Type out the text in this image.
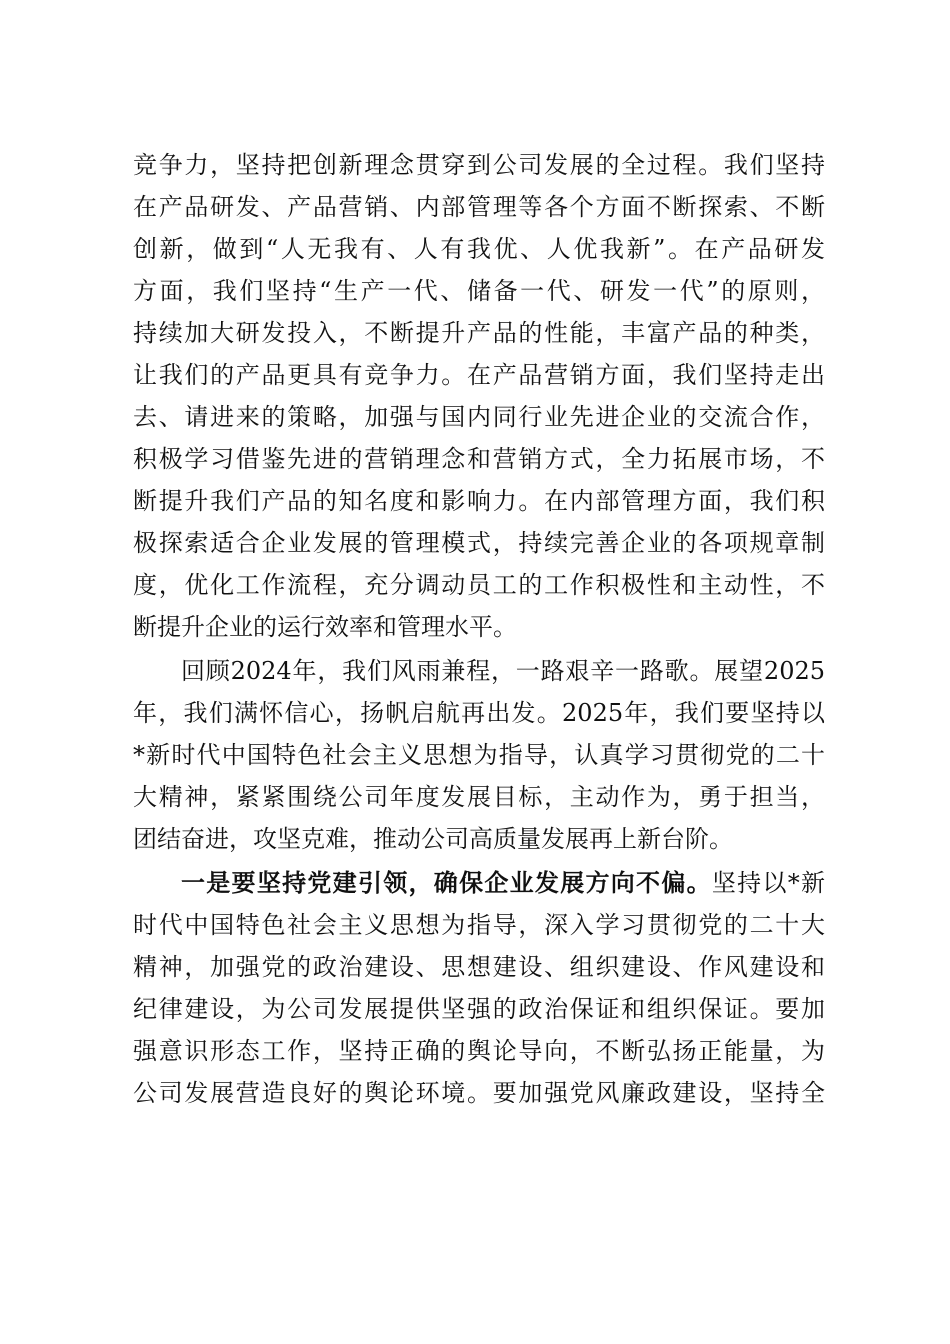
竞争力，坚持把创新理念贯穿到公司发展的全过程。我们坚持
在产品研发、产品营销、内部管理等各个方面不断探索、不断
创新，做到“人无我有、人有我优、人优我新”。在产品研发
方面，我们坚持“生产一代、储备一代、研发一代”的原则，
持续加大研发投入，不断提升产品的性能，丰富产品的种类，
让我们的产品更具有竞争力。在产品营销方面，我们坚持走出
去、请进来的策略，加强与国内同行业先进企业的交流合作，
积极学习借鉴先进的营销理念和营销方式，全力拓展市场，不
断提升我们产品的知名度和影响力。在内部管理方面，我们积
极探索适合企业发展的管理模式，持续完善企业的各项规章制
度，优化工作流程，充分调动员工的工作积极性和主动性，不
断提升企业的运行效率和管理水平。
回顾2024年，我们风雨兼程，一路艰辛一路歌。展望2025
年，我们满怀信心，扬帆启航再出发。2025年，我们要坚持以
*新时代中国特色社会主义思想为指导，认真学习贯彻党的二十
大精神，紧紧围绕公司年度发展目标，主动作为，勇于担当，
团结奋进，攻坚克难，推动公司高质量发展再上新台阶。
一是要坚持党建引领，确保企业发展方向不偏。坚持以*新
时代中国特色社会主义思想为指导，深入学习贯彻党的二十大
精神，加强党的政治建设、思想建设、组织建设、作风建设和
纪律建设，为公司发展提供坚强的政治保证和组织保证。要加
强意识形态工作，坚持正确的舆论导向，不断弘扬正能量，为
公司发展营造良好的舆论环境。要加强党风廉政建设，坚持全
